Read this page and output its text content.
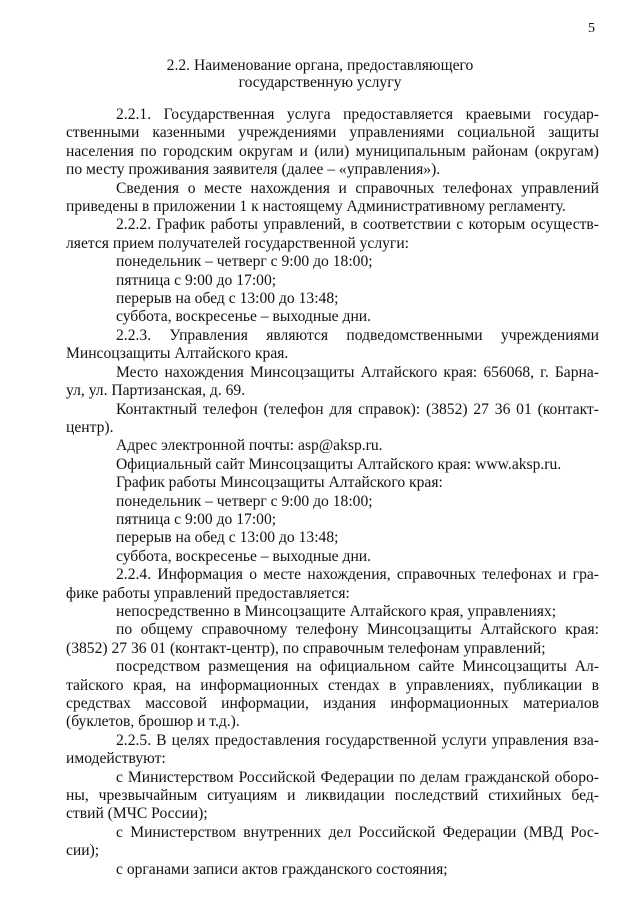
5
2.2. Наименование органа, предоставляющего
государственную услугу
2.2.1. Государственная услуга предоставляется краевыми государ-
ственными казенными учреждениями управлениями социальной защиты
населения по городским округам и (или) муниципальным районам (округам)
по месту проживания заявителя (далее – «управления»).
Сведения о месте нахождения и справочных телефонах управлений
приведены в приложении 1 к настоящему Административному регламенту.
2.2.2. График работы управлений, в соответствии с которым осуществ-
ляется прием получателей государственной услуги:
понедельник – четверг с 9:00 до 18:00;
пятница с 9:00 до 17:00;
перерыв на обед с 13:00 до 13:48;
суббота, воскресенье – выходные дни.
2.2.3. Управления являются подведомственными учреждениями
Минсоцзащиты Алтайского края.
Место нахождения Минсоцзащиты Алтайского края: 656068, г. Барна-
ул, ул. Партизанская, д. 69.
Контактный телефон (телефон для справок): (3852) 27 36 01 (контакт-
центр).
Адрес электронной почты: asp@aksp.ru.
Официальный сайт Минсоцзащиты Алтайского края: www.aksp.ru.
График работы Минсоцзащиты Алтайского края:
понедельник – четверг с 9:00 до 18:00;
пятница с 9:00 до 17:00;
перерыв на обед с 13:00 до 13:48;
суббота, воскресенье – выходные дни.
2.2.4. Информация о месте нахождения, справочных телефонах и гра-
фике работы управлений предоставляется:
непосредственно в Минсоцзащите Алтайского края, управлениях;
по общему справочному телефону Минсоцзащиты Алтайского края:
(3852) 27 36 01 (контакт-центр), по справочным телефонам управлений;
посредством размещения на официальном сайте Минсоцзащиты Ал-
тайского края, на информационных стендах в управлениях, публикации в
средствах массовой информации, издания информационных материалов
(буклетов, брошюр и т.д.).
2.2.5. В целях предоставления государственной услуги управления вза-
имодействуют:
с Министерством Российской Федерации по делам гражданской оборо-
ны, чрезвычайным ситуациям и ликвидации последствий стихийных бед-
ствий (МЧС России);
с Министерством внутренних дел Российской Федерации (МВД Рос-
сии);
с органами записи актов гражданского состояния;
